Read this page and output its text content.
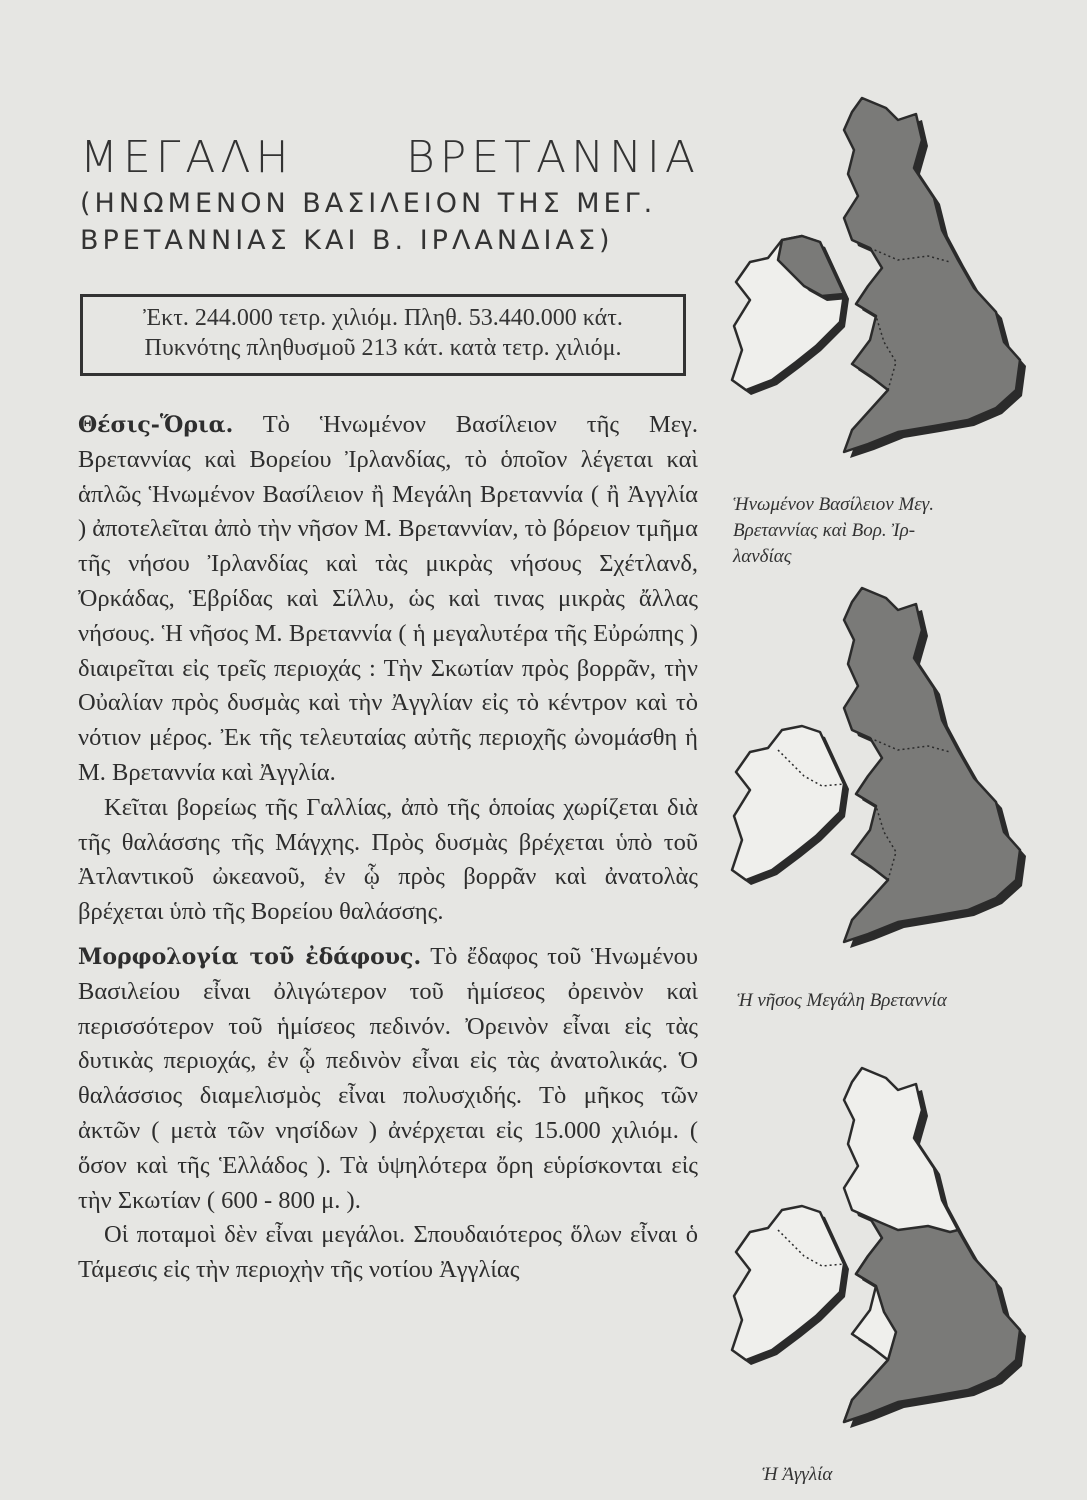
ΜΕΓΑΛΗ ΒΡΕΤΑΝΝΙΑ
(ΗΝΩΜΕΝΟΝ ΒΑΣΙΛΕΙΟΝ ΤΗΣ ΜΕΓ.
ΒΡΕΤΑΝΝΙΑΣ ΚΑΙ Β. ΙΡΛΑΝΔΙΑΣ)
Ἐκτ. 244.000 τετρ. χιλιόμ. Πληθ. 53.440.000 κάτ.
Πυκνότης πληθυσμοῦ 213 κάτ. κατὰ τετρ. χιλιόμ.

Θέσις-Ὅρια. Τὸ Ἡνωμένον Βασίλειον τῆς Μεγ. Βρεταννίας καὶ Βορείου Ἰρλανδίας, τὸ ὁποῖον λέγεται καὶ ἁπλῶς Ἡνωμένον Βασίλειον ἢ Μεγάλη Βρεταννία ( ἢ Ἀγγλία ) ἀποτελεῖται ἀπὸ τὴν νῆσον Μ. Βρεταννίαν, τὸ βόρειον τμῆμα τῆς νήσου Ἰρλανδίας καὶ τὰς μικρὰς νήσους Σχέτλανδ, Ὀρκάδας, Ἑβρίδας καὶ Σίλλυ, ὡς καὶ τινας μικρὰς ἄλλας νήσους. Ἡ νῆσος Μ. Βρεταννία ( ἡ μεγαλυτέρα τῆς Εὐρώπης ) διαιρεῖται εἰς τρεῖς περιοχάς : Τὴν Σκωτίαν πρὸς βορρᾶν, τὴν Οὐαλίαν πρὸς δυσμὰς καὶ τὴν Ἀγγλίαν εἰς τὸ κέντρον καὶ τὸ νότιον μέρος. Ἐκ τῆς τελευταίας αὐτῆς περιοχῆς ὠνομάσθη ἡ Μ. Βρεταννία καὶ Ἀγγλία.

Κεῖται βορείως τῆς Γαλλίας, ἀπὸ τῆς ὁποίας χωρίζεται διὰ τῆς θαλάσσης τῆς Μάγχης. Πρὸς δυσμὰς βρέχεται ὑπὸ τοῦ Ἀτλαντικοῦ ὠκεανοῦ, ἐν ᾧ πρὸς βορρᾶν καὶ ἀνατολὰς βρέχεται ὑπὸ τῆς Βορείου θαλάσσης.

Μορφολογία τοῦ ἐδάφους. Τὸ ἔδαφος τοῦ Ἡνωμένου Βασιλείου εἶναι ὀλιγώτερον τοῦ ἡμίσεος ὀρεινὸν καὶ περισσότερον τοῦ ἡμίσεος πεδινόν. Ὀρεινὸν εἶναι εἰς τὰς δυτικὰς περιοχάς, ἐν ᾧ πεδινὸν εἶναι εἰς τὰς ἀνατολικάς. Ὁ θαλάσσιος διαμελισμὸς εἶναι πολυσχιδής. Τὸ μῆκος τῶν ἀκτῶν ( μετὰ τῶν νησίδων ) ἀνέρχεται εἰς 15.000 χιλιόμ. ( ὅσον καὶ τῆς Ἑλλάδος ). Τὰ ὑψηλότερα ὄρη εὑρίσκονται εἰς τὴν Σκωτίαν ( 600 - 800 μ. ).

Οἱ ποταμοὶ δὲν εἶναι μεγάλοι. Σπουδαιότερος ὅλων εἶναι ὁ Τάμεσις εἰς τὴν περιοχὴν τῆς νοτίου Ἀγγλίας

Ἡνωμένον Βασίλειον Μεγ.
Βρεταννίας καὶ Βορ. Ἰρ-
λανδίας
Ἡ νῆσος Μεγάλη Βρεταννία
Ἡ Ἀγγλία
